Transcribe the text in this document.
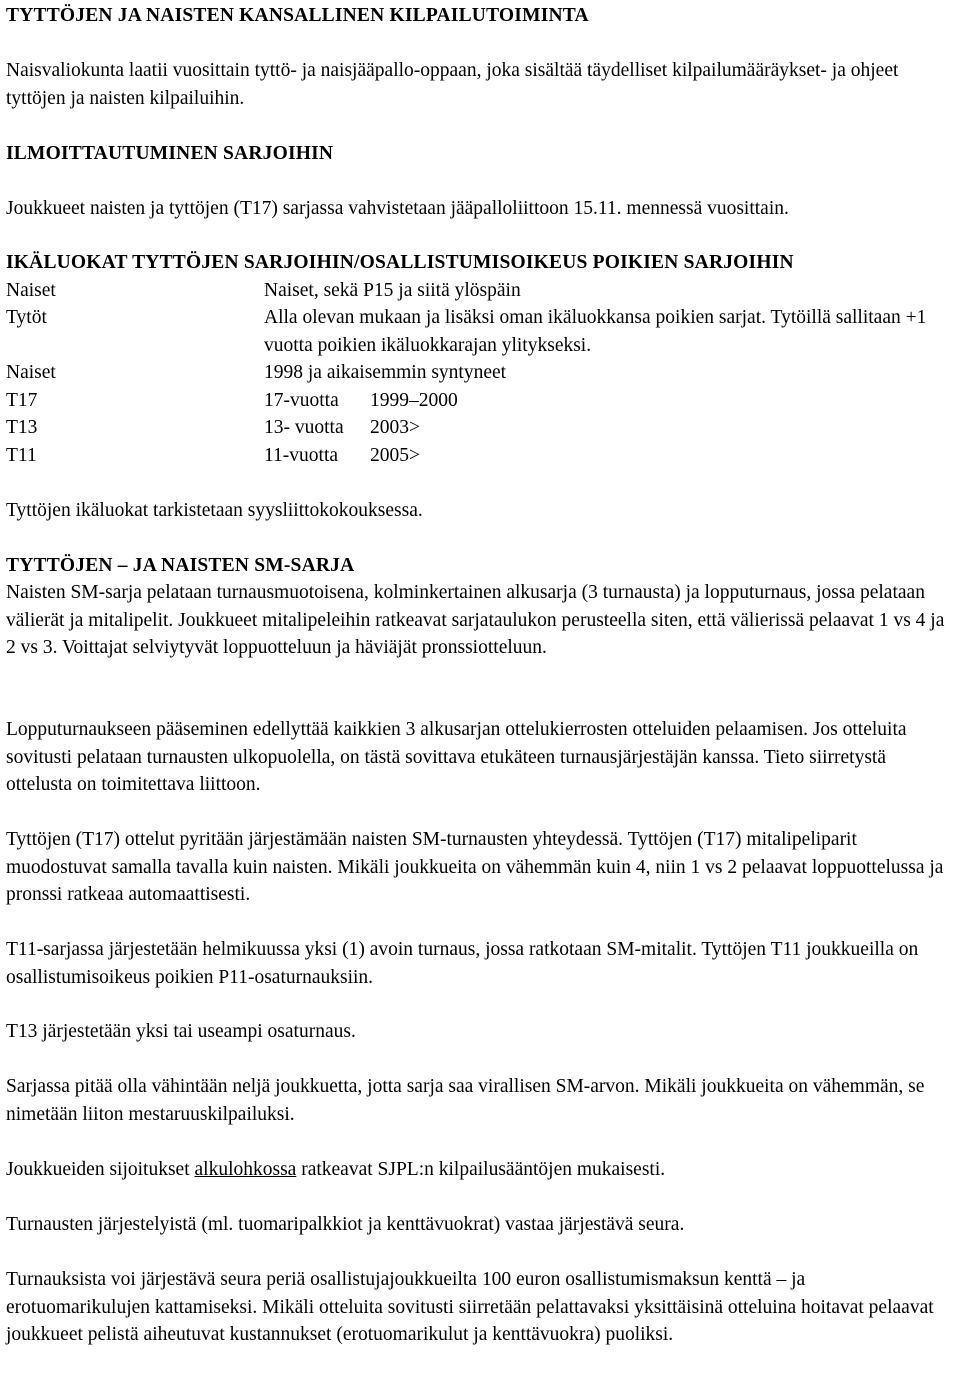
TYTTÖJEN JA NAISTEN KANSALLINEN KILPAILUTOIMINTA

Naisvaliokunta laatii vuosittain tyttö- ja naisjääpallo-oppaan, joka sisältää täydelliset kilpailumääräykset- ja ohjeet tyttöjen ja naisten kilpailuihin.

ILMOITTAUTUMINEN SARJOIHIN

Joukkueet naisten ja tyttöjen (T17) sarjassa vahvistetaan jääpalloliittoon 15.11. mennessä vuosittain.

IKÄLUOKAT TYTTÖJEN SARJOIHIN/OSALLISTUMISOIKEUS POIKIEN SARJOIHIN
Naiset	Naiset, sekä P15 ja siitä ylöspäin
Tytöt	Alla olevan mukaan ja lisäksi oman ikäluokkansa poikien sarjat. Tytöillä sallitaan +1 vuotta poikien ikäluokkarajan ylitykseksi.
Naiset	1998 ja aikaisemmin syntyneet
T17	17-vuotta 1999–2000
T13	13- vuotta 2003>
T11	11-vuotta 2005>

Tyttöjen ikäluokat tarkistetaan syysliittokokouksessa.

TYTTÖJEN – JA NAISTEN SM-SARJA

Naisten SM-sarja pelataan turnausmuotoisena, kolminkertainen alkusarja (3 turnausta) ja lopputurnaus, jossa pelataan välierät ja mitalipelit. Joukkueet mitalipeleihin ratkeavat sarjataulukon perusteella siten, että välierissä pelaavat 1 vs 4 ja 2 vs 3. Voittajat selviytyvät loppuotteluun ja häviäjät pronssiotteluun.

Lopputurnaukseen pääseminen edellyttää kaikkien 3 alkusarjan ottelukierrosten otteluiden pelaamisen. Jos otteluita sovitusti pelataan turnausten ulkopuolella, on tästä sovittava etukäteen turnausjärjestäjän kanssa. Tieto siirretystä ottelusta on toimitettava liittoon.

Tyttöjen (T17) ottelut pyritään järjestämään naisten SM-turnausten yhteydessä. Tyttöjen (T17) mitalipeliparit muodostuvat samalla tavalla kuin naisten. Mikäli joukkueita on vähemmän kuin 4, niin 1 vs 2 pelaavat loppuottelussa ja pronssi ratkeaa automaattisesti.

T11-sarjassa järjestetään helmikuussa yksi (1) avoin turnaus, jossa ratkotaan SM-mitalit. Tyttöjen T11 joukkueilla on osallistumisoikeus poikien P11-osaturnauksiin.

T13 järjestetään yksi tai useampi osaturnaus.

Sarjassa pitää olla vähintään neljä joukkuetta, jotta sarja saa virallisen SM-arvon. Mikäli joukkueita on vähemmän, se nimetään liiton mestaruuskilpailuksi.

Joukkueiden sijoitukset alkulohkossa ratkeavat SJPL:n kilpailusääntöjen mukaisesti.

Turnausten järjestelyistä (ml. tuomaripalkkiot ja kenttävuokrat) vastaa järjestävä seura.

Turnauksista voi järjestävä seura periä osallistujajoukkueilta 100 euron osallistumismaksun kenttä – ja erotuomarikulujen kattamiseksi. Mikäli otteluita sovitusti siirretään pelattavaksi yksittäisinä otteluina hoitavat pelaavat joukkueet pelistä aiheutuvat kustannukset (erotuomarikulut ja kenttävuokra) puoliksi.
